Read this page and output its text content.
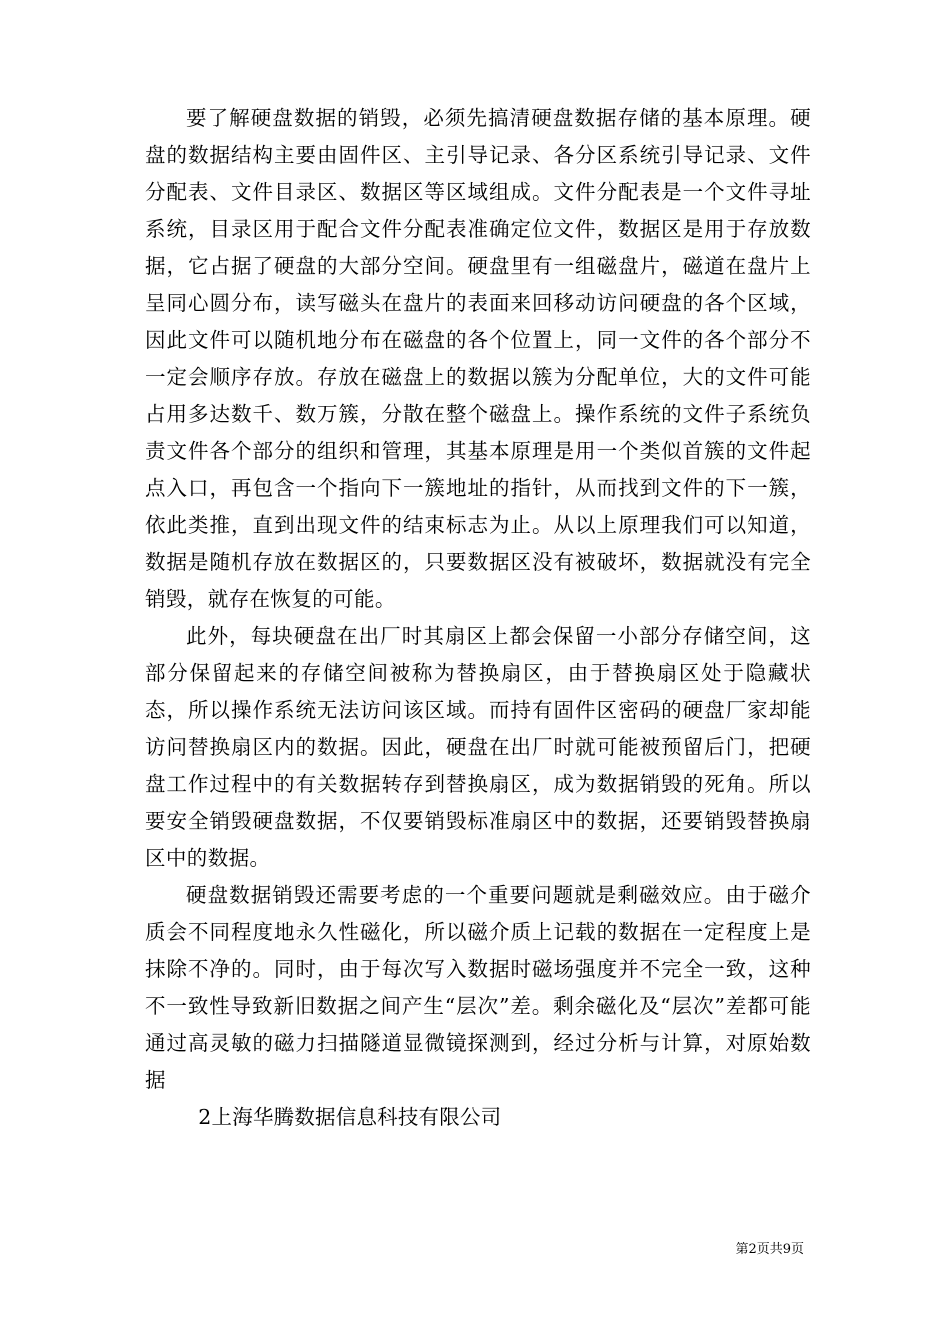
要了解硬盘数据的销毁，必须先搞清硬盘数据存储的基本原理。硬盘的数据结构主要由固件区、主引导记录、各分区系统引导记录、文件分配表、文件目录区、数据区等区域组成。文件分配表是一个文件寻址系统，目录区用于配合文件分配表准确定位文件，数据区是用于存放数据，它占据了硬盘的大部分空间。硬盘里有一组磁盘片，磁道在盘片上呈同心圆分布，读写磁头在盘片的表面来回移动访问硬盘的各个区域，因此文件可以随机地分布在磁盘的各个位置上，同一文件的各个部分不一定会顺序存放。存放在磁盘上的数据以簇为分配单位，大的文件可能占用多达数千、数万簇，分散在整个磁盘上。操作系统的文件子系统负责文件各个部分的组织和管理，其基本原理是用一个类似首簇的文件起点入口，再包含一个指向下一簇地址的指针，从而找到文件的下一簇，依此类推，直到出现文件的结束标志为止。从以上原理我们可以知道，数据是随机存放在数据区的，只要数据区没有被破坏，数据就没有完全销毁，就存在恢复的可能。

此外，每块硬盘在出厂时其扇区上都会保留一小部分存储空间，这部分保留起来的存储空间被称为替换扇区，由于替换扇区处于隐藏状态，所以操作系统无法访问该区域。而持有固件区密码的硬盘厂家却能访问替换扇区内的数据。因此，硬盘在出厂时就可能被预留后门，把硬盘工作过程中的有关数据转存到替换扇区，成为数据销毁的死角。所以要安全销毁硬盘数据，不仅要销毁标准扇区中的数据，还要销毁替换扇区中的数据。

硬盘数据销毁还需要考虑的一个重要问题就是剩磁效应。由于磁介质会不同程度地永久性磁化，所以磁介质上记载的数据在一定程度上是抹除不净的。同时，由于每次写入数据时磁场强度并不完全一致，这种不一致性导致新旧数据之间产生“层次”差。剩余磁化及“层次”差都可能通过高灵敏的磁力扫描隧道显微镜探测到，经过分析与计算，对原始数据

2上海华腾数据信息科技有限公司

第2页共9页
